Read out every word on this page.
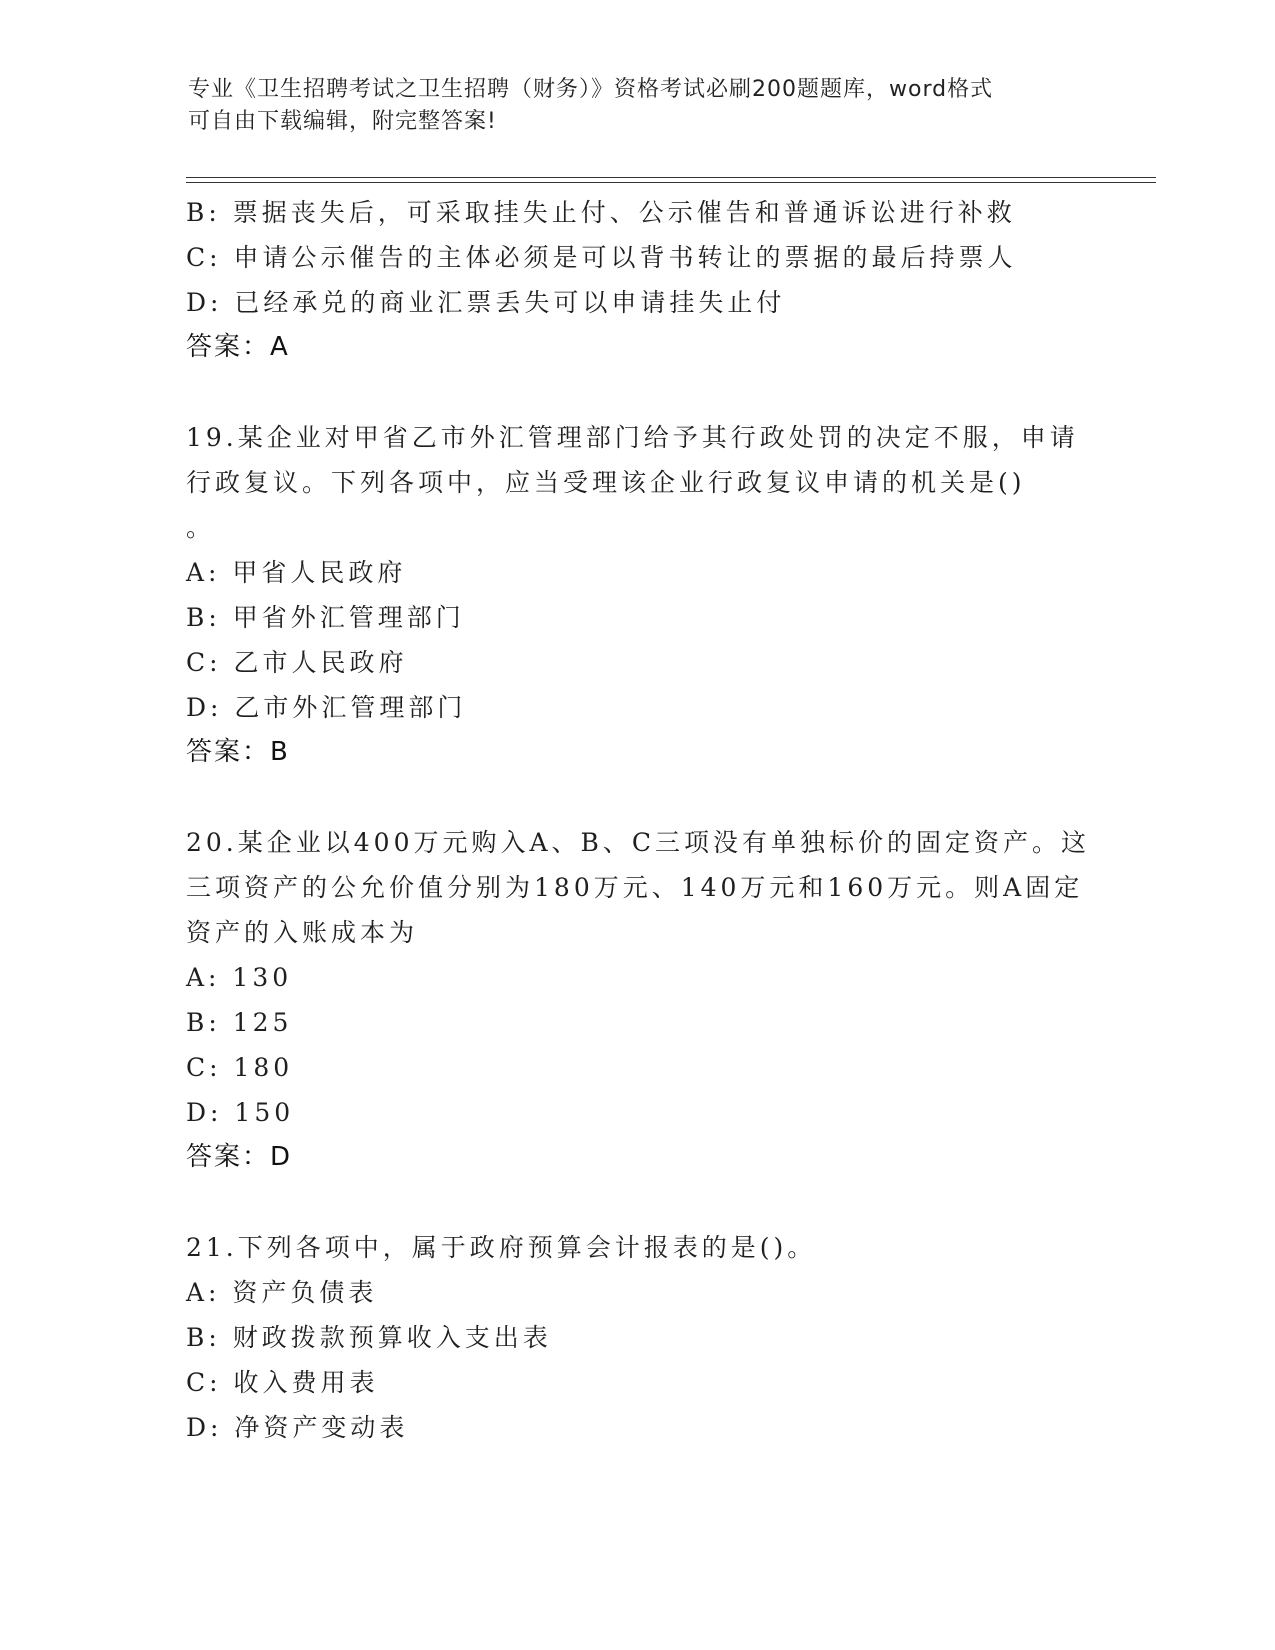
专业《卫生招聘考试之卫生招聘（财务）》资格考试必刷200题题库，word格式
可自由下载编辑，附完整答案!
B: 票据丧失后，可采取挂失止付、公示催告和普通诉讼进行补救
C: 申请公示催告的主体必须是可以背书转让的票据的最后持票人
D: 已经承兑的商业汇票丢失可以申请挂失止付
答案：A
19.某企业对甲省乙市外汇管理部门给予其行政处罚的决定不服，申请
行政复议。下列各项中，应当受理该企业行政复议申请的机关是()
。
A: 甲省人民政府
B: 甲省外汇管理部门
C: 乙市人民政府
D: 乙市外汇管理部门
答案：B
20.某企业以400万元购入A、B、C三项没有单独标价的固定资产。这
三项资产的公允价值分别为180万元、140万元和160万元。则A固定
资产的入账成本为
A: 130
B: 125
C: 180
D: 150
答案：D
21.下列各项中，属于政府预算会计报表的是()。
A: 资产负债表
B: 财政拨款预算收入支出表
C: 收入费用表
D: 净资产变动表
